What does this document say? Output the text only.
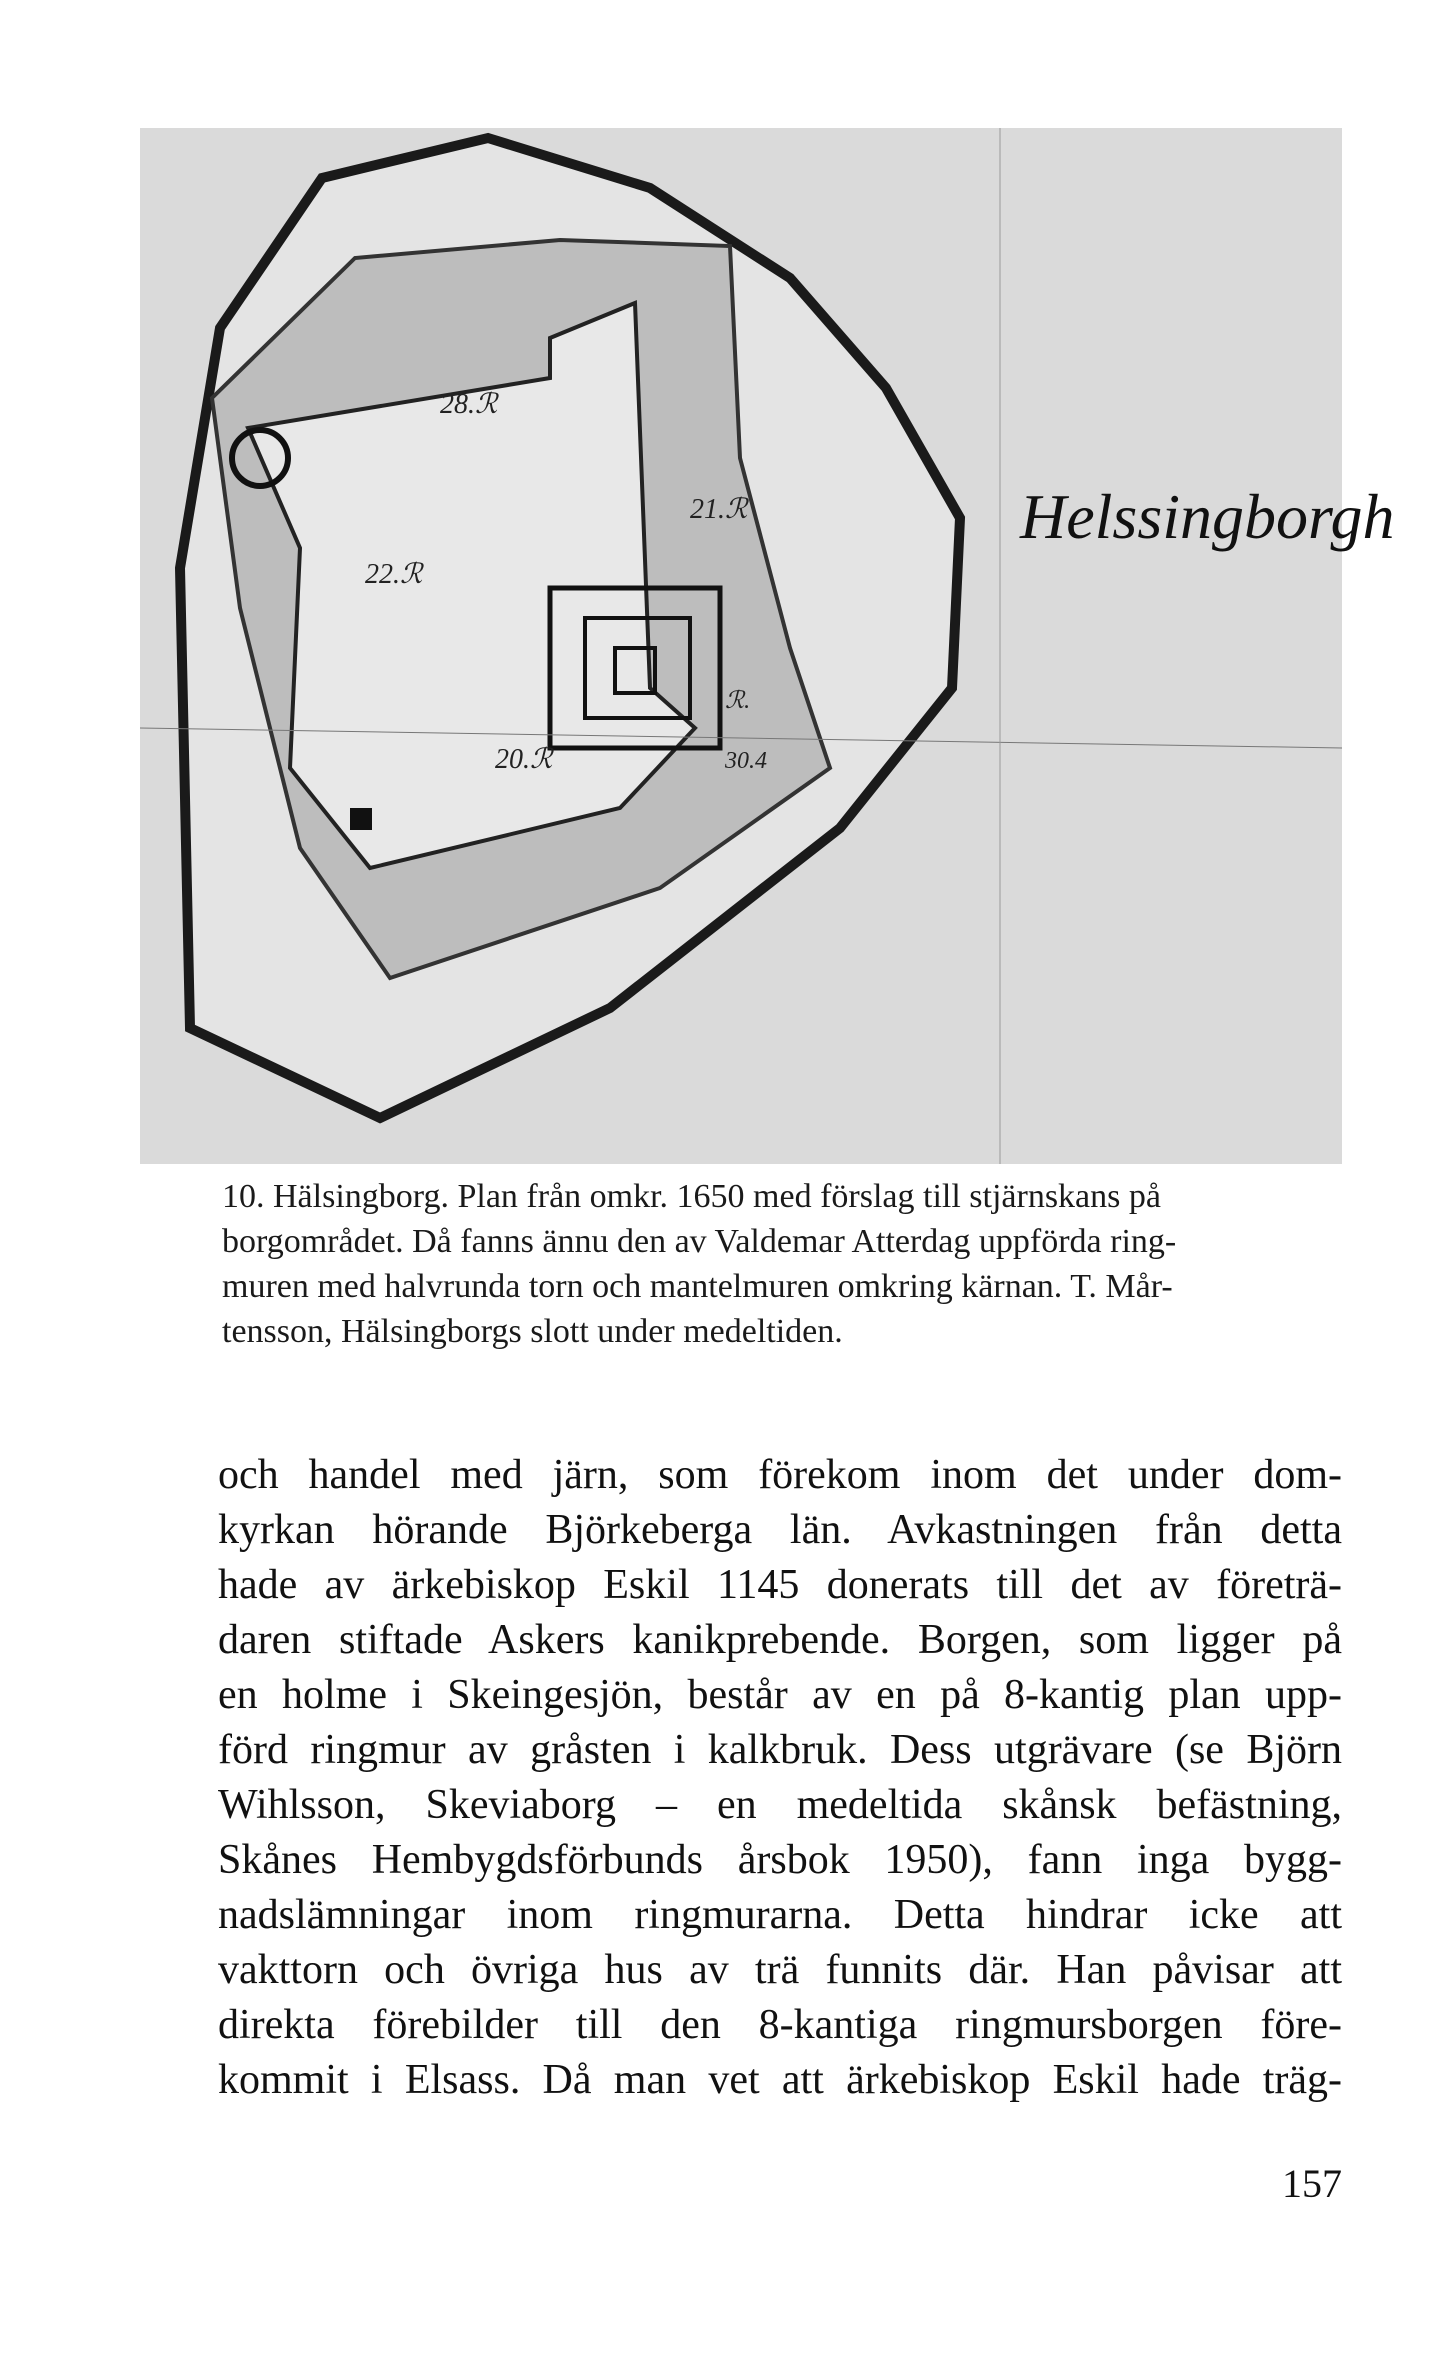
28.ℛ
21.ℛ
22.ℛ
20.ℛ
ℛ.
30.4
Helssingborgh

10. Hälsingborg. Plan från omkr. 1650 med förslag till stjärnskans på

borgområdet. Då fanns ännu den av Valdemar Atterdag uppförda ring-

muren med halvrunda torn och mantelmuren omkring kärnan. T. Mår-

tensson, Hälsingborgs slott under medeltiden.

och handel med järn, som förekom inom det under dom-

kyrkan hörande Björkeberga län. Avkastningen från detta

hade av ärkebiskop Eskil 1145 donerats till det av företrä-

daren stiftade Askers kanikprebende. Borgen, som ligger på

en holme i Skeingesjön, består av en på 8-kantig plan upp-

förd ringmur av gråsten i kalkbruk. Dess utgrävare (se Björn

Wihlsson, Skeviaborg – en medeltida skånsk befästning,

Skånes Hembygdsförbunds årsbok 1950), fann inga bygg-

nadslämningar inom ringmurarna. Detta hindrar icke att

vakttorn och övriga hus av trä funnits där. Han påvisar att

direkta förebilder till den 8-kantiga ringmursborgen före-

kommit i Elsass. Då man vet att ärkebiskop Eskil hade träg-

157
